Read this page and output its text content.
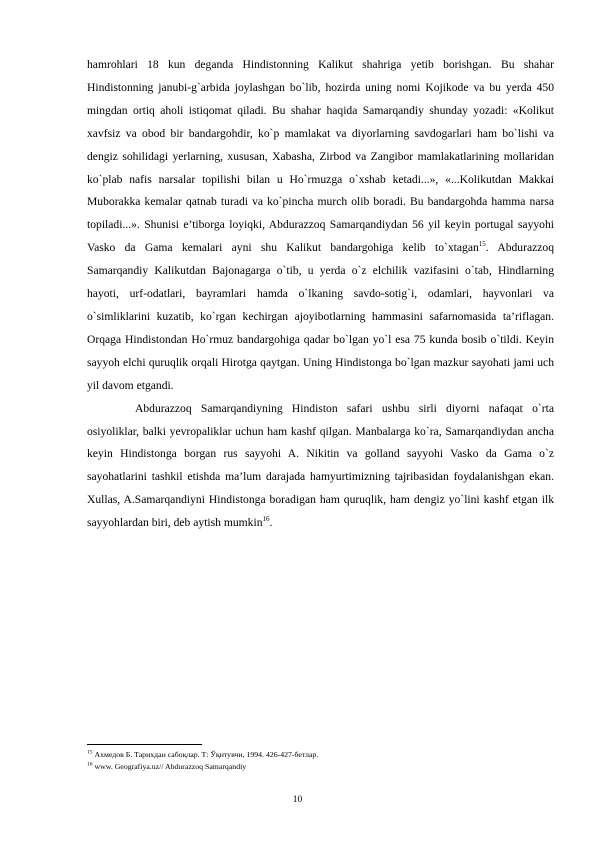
hamrohlari 18 kun deganda Hindistonning Kalikut shahriga yetib borishgan. Bu shahar Hindistonning janubi-g`arbida joylashgan bo`lib, hozirda uning nomi Kojikode va bu yerda 450 mingdan ortiq aholi istiqomat qiladi. Bu shahar haqida Samarqandiy shunday yozadi: «Kolikut xavfsiz va obod bir bandargohdir, ko`p mamlakat va diyorlarning savdogarlari ham bo`lishi va dengiz sohilidagi yerlarning, xususan, Xabasha, Zirbod va Zangibor mamlakatlarining mollaridan ko`plab nafis narsalar topilishi bilan u Ho`rmuzga o`xshab ketadi...», «...Kolikutdan Makkai Muborakka kemalar qatnab turadi va ko`pincha murch olib boradi. Bu bandargohda hamma narsa topiladi...». Shunisi e’tiborga loyiqki, Abdurazzoq Samarqandiydan 56 yil keyin portugal sayyohi Vasko da Gama kemalari ayni shu Kalikut bandargohiga kelib to`xtagan$^{15}$. Abdurazzoq Samarqandiy Kalikutdan Bajonagarga o`tib, u yerda o`z elchilik vazifasini o`tab, Hindlarning hayoti, urf-odatlari, bayramlari hamda o`lkaning savdo-sotig`i, odamlari, hayvonlari va o`simliklarini kuzatib, ko`rgan kechirgan ajoyibotlarning hammasini safarnomasida ta’riflagan. Orqaga Hindistondan Ho`rmuz bandargohiga qadar bo`lgan yo`l esa 75 kunda bosib o`tildi. Keyin sayyoh elchi quruqlik orqali Hirotga qaytgan. Uning Hindistonga bo`lgan mazkur sayohati jami uch yil davom etgandi.

Abdurazzoq Samarqandiyning Hindiston safari ushbu sirli diyorni nafaqat o`rta osiyoliklar, balki yevropaliklar uchun ham kashf qilgan. Manbalarga ko`ra, Samarqandiydan ancha keyin Hindistonga borgan rus sayyohi A. Nikitin va golland sayyohi Vasko da Gama o`z sayohatlarini tashkil etishda ma’lum darajada hamyurtimizning tajribasidan foydalanishgan ekan. Xullas, A.Samarqandiyni Hindistonga boradigan ham quruqlik, ham dengiz yo`lini kashf etgan ilk sayyohlardan biri, deb aytish mumkin$^{16}$.

$^{15}$ Ахмедов Б. Тарихдан сабоқлар. Т: Ўқитувчи, 1994. 426-427-бетлар.

$^{16}$ www. Geografiya.uz// Abdurazzoq Samarqandiy

10
